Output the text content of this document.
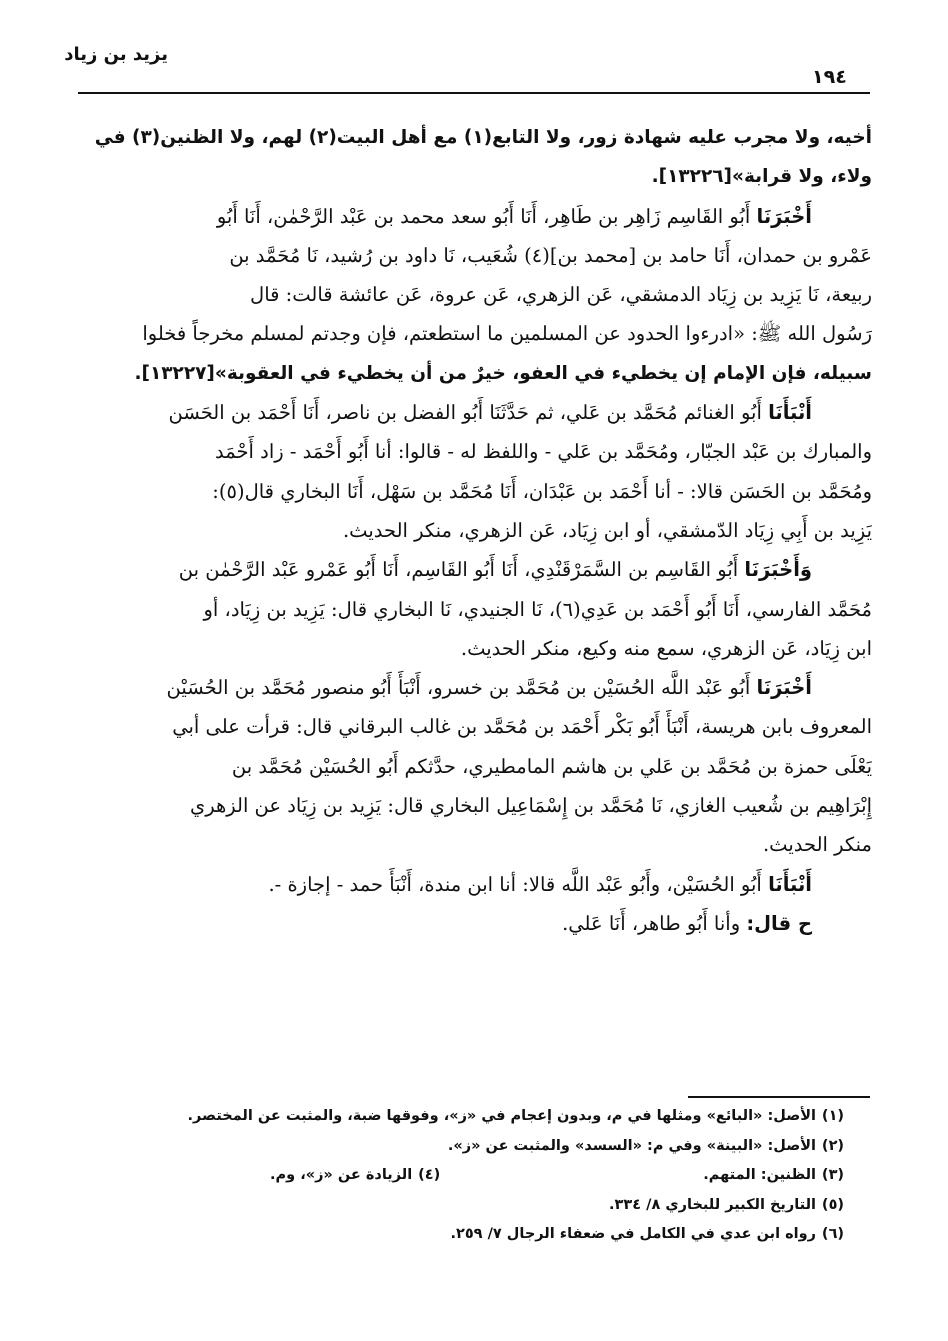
يزيد بن زياد
١٩٤
أخيه، ولا مجرب عليه شهادة زور، ولا التابع(١) مع أهل البيت(٢) لهم، ولا الظنين(٣) في
ولاء، ولا قرابة»[١٣٢٢٦].
أَخْبَرَنَا أَبُو القَاسِم زَاهِر بن طَاهِر، أَنَا أَبُو سعد محمد بن عَبْد الرَّحْمٰن، أَنَا أَبُو
عَمْرو بن حمدان، أَنَا حامد بن [محمد بن](٤) شُعَيب، نَا داود بن رُشيد، نَا مُحَمَّد بن
ربيعة، نَا يَزِيد بن زِيَاد الدمشقي، عَن الزهري، عَن عروة، عَن عائشة قالت: قال
رَسُول الله ﷺ: «ادرءوا الحدود عن المسلمين ما استطعتم، فإن وجدتم لمسلم مخرجاً فخلوا
سبيله، فإن الإمام إن يخطيء في العفو، خيرٌ من أن يخطيء في العقوبة»[١٣٢٢٧].
أَنْبَأَنَا أَبُو الغنائم مُحَمَّد بن عَلي، ثم حَدَّثَنَا أَبُو الفضل بن ناصر، أَنَا أَحْمَد بن الحَسَن
والمبارك بن عَبْد الجبّار، ومُحَمَّد بن عَلي - واللفظ له - قالوا: أنا أَبُو أَحْمَد - زاد أَحْمَد
ومُحَمَّد بن الحَسَن قالا: - أنا أَحْمَد بن عَبْدَان، أَنَا مُحَمَّد بن سَهْل، أَنَا البخاري قال(٥):
يَزِيد بن أَبِي زِيَاد الدّمشقي، أو ابن زِيَاد، عَن الزهري، منكر الحديث.
وَأَخْبَرَنَا أَبُو القَاسِم بن السَّمَرْقَنْدِي، أَنَا أَبُو القَاسِم، أَنَا أَبُو عَمْرو عَبْد الرَّحْمٰن بن
مُحَمَّد الفارسي، أَنَا أَبُو أَحْمَد بن عَدِي(٦)، نَا الجنيدي، نَا البخاري قال: يَزِيد بن زِيَاد، أو
ابن زِيَاد، عَن الزهري، سمع منه وكيع، منكر الحديث.
أَخْبَرَنَا أَبُو عَبْد اللَّه الحُسَيْن بن مُحَمَّد بن خسرو، أَنْبَأَ أَبُو منصور مُحَمَّد بن الحُسَيْن
المعروف بابن هريسة، أَنْبَأَ أَبُو بَكْر أَحْمَد بن مُحَمَّد بن غالب البرقاني قال: قرأت على أبي
يَعْلَى حمزة بن مُحَمَّد بن عَلي بن هاشم المامطيري، حدَّثكم أَبُو الحُسَيْن مُحَمَّد بن
إِبْرَاهِيم بن شُعيب الغازي، نَا مُحَمَّد بن إِسْمَاعِيل البخاري قال: يَزِيد بن زِيَاد عن الزهري
منكر الحديث.
أَنْبَأَنَا أَبُو الحُسَيْن، وأَبُو عَبْد اللَّه قالا: أنا ابن مندة، أَنْبَأَ حمد - إجازة -.
ح قال: وأنا أَبُو طاهر، أَنَا عَلي.
(١)الأصل: «البائع» ومثلها في م، وبدون إعجام في «ز»، وفوقها ضبة، والمثبت عن المختصر.
(٢)الأصل: «البينة» وفي م: «السسد» والمثبت عن «ز».
(٣)الظنين: المتهم.
(٤)الزيادة عن «ز»، وم.
(٥)التاريخ الكبير للبخاري ٨/ ٣٣٤.
(٦)رواه ابن عدي في الكامل في ضعفاء الرجال ٧/ ٢٥٩.
